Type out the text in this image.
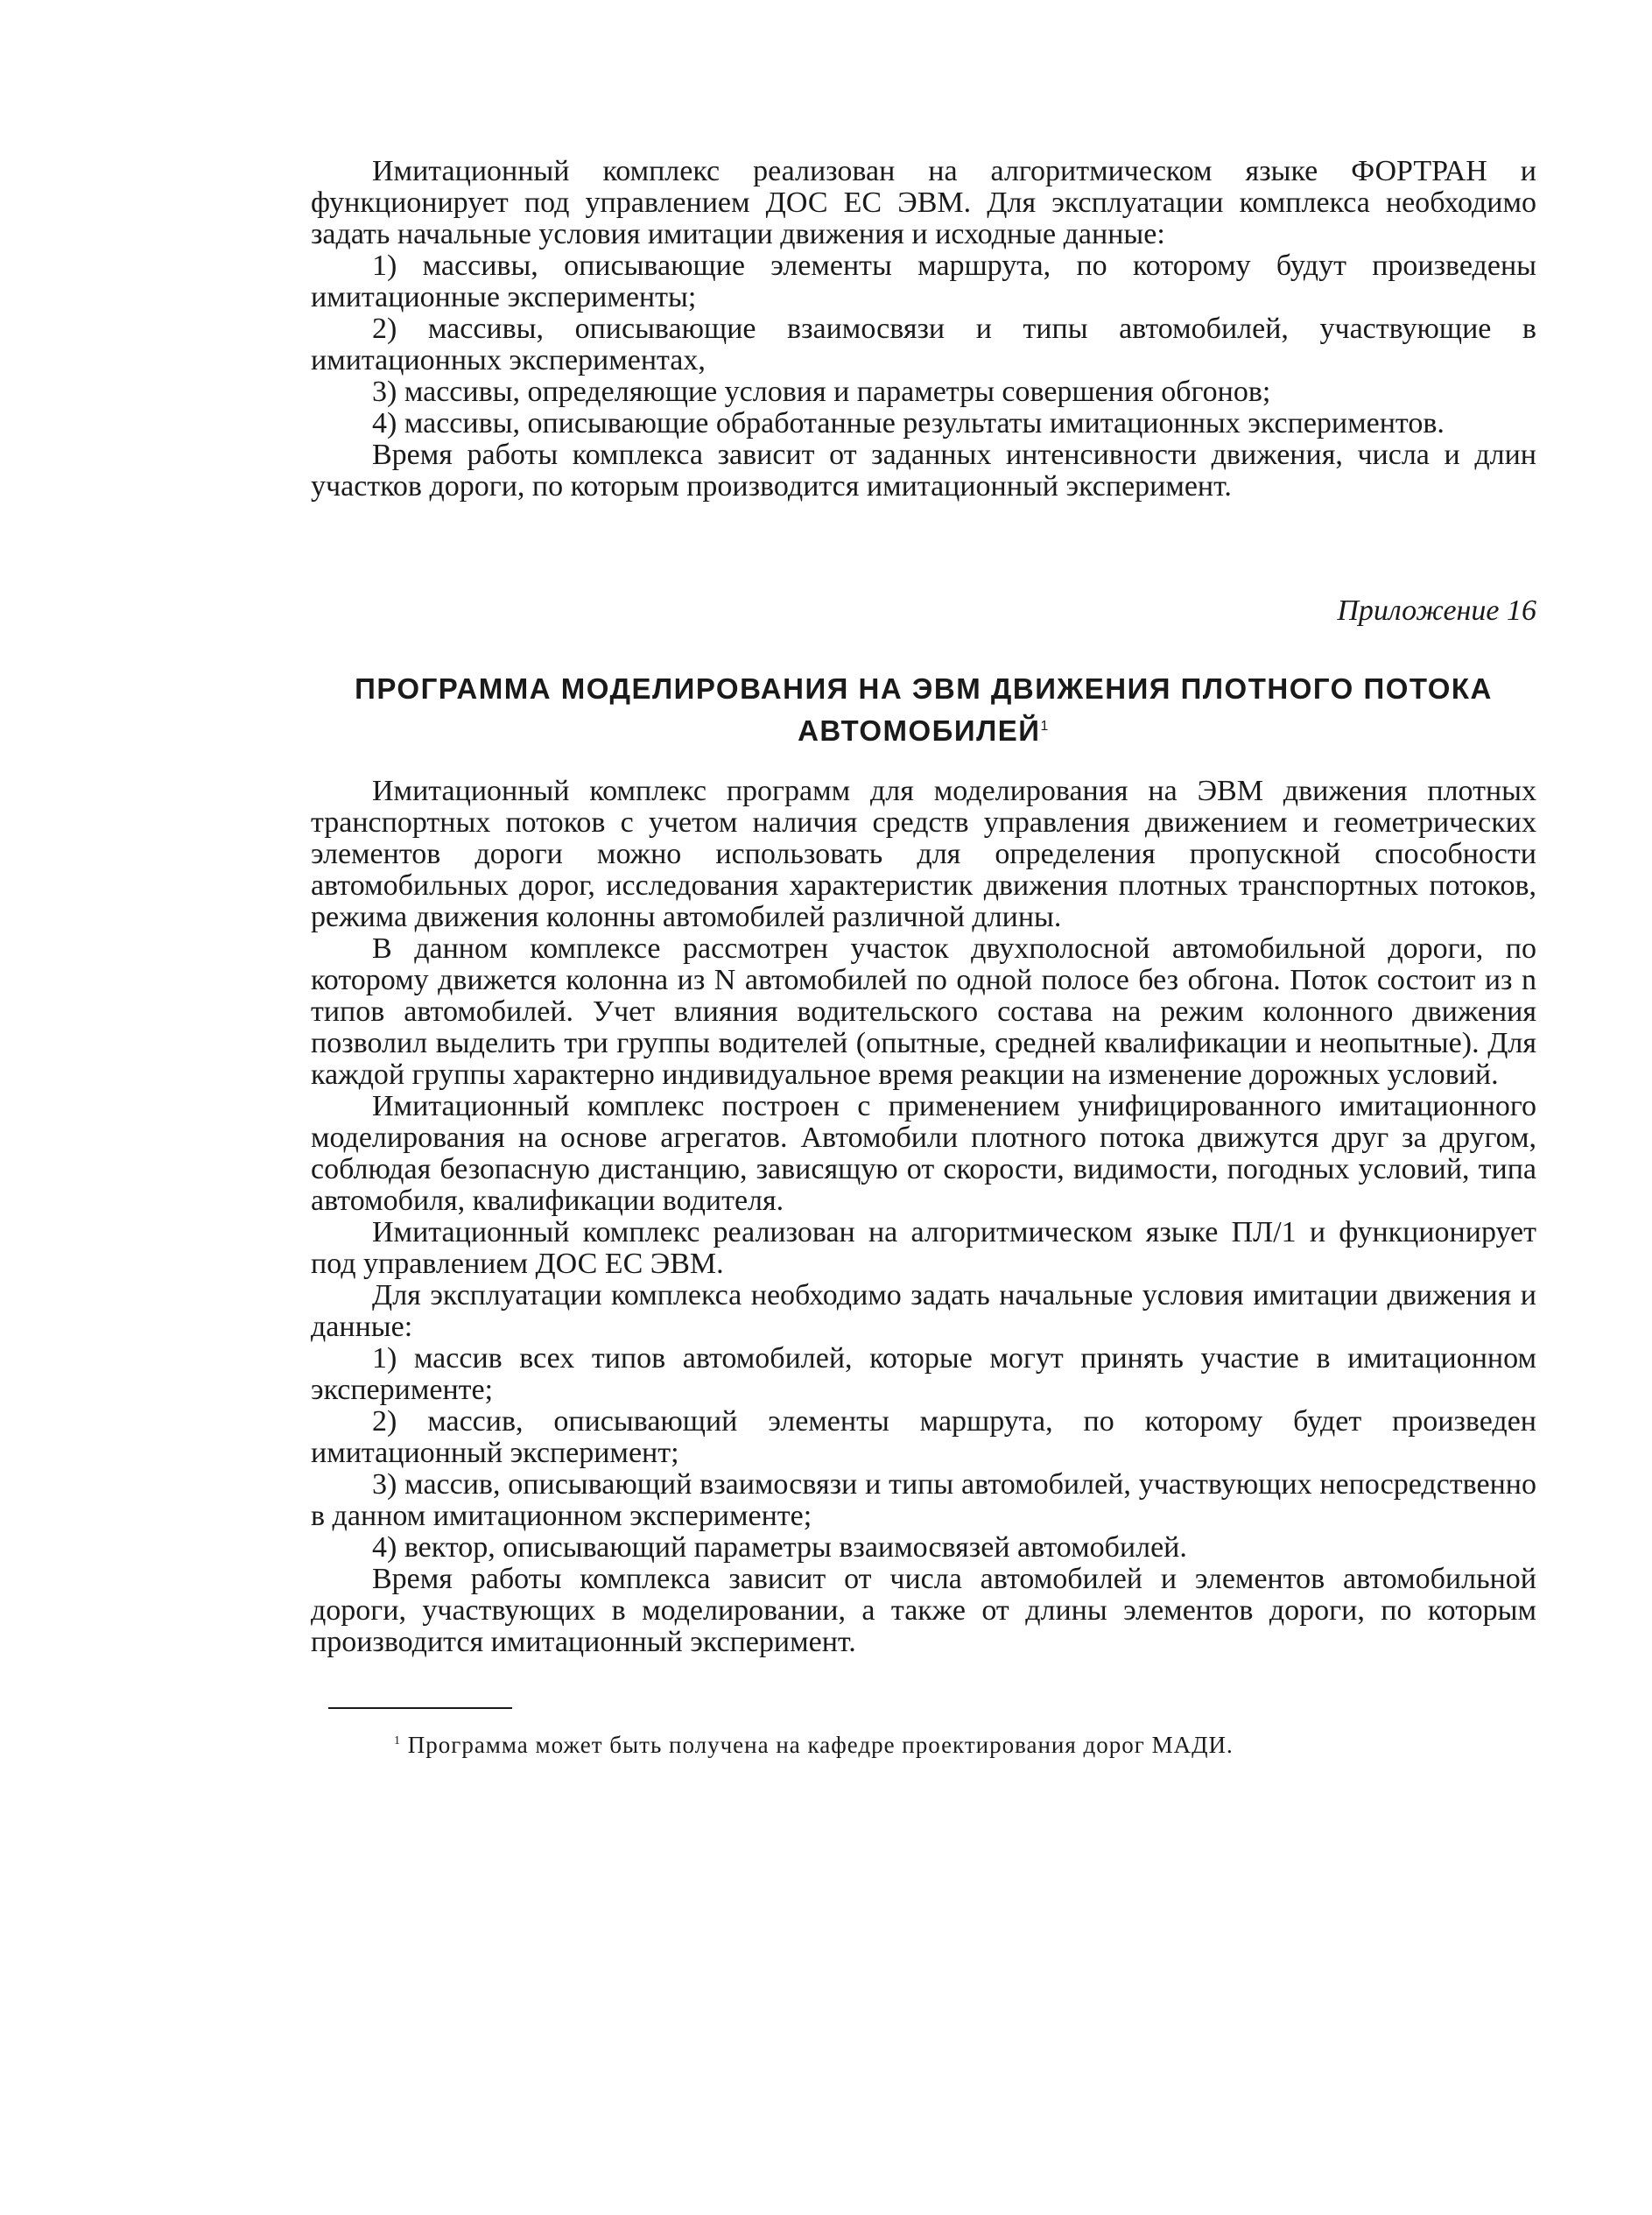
Имитационный комплекс реализован на алгоритмическом языке ФОРТРАН и функционирует под управлением ДОС ЕС ЭВМ. Для эксплуатации комплекса необходимо задать начальные условия имитации движения и исходные данные:

1) массивы, описывающие элементы маршрута, по которому будут произведены имитационные эксперименты;

2) массивы, описывающие взаимосвязи и типы автомобилей, участвующие в имитационных экспериментах,

3) массивы, определяющие условия и параметры совершения обгонов;

4) массивы, описывающие обработанные результаты имитационных экспериментов.

Время работы комплекса зависит от заданных интенсивности движения, числа и длин участков дороги, по которым производится имитационный эксперимент.

Приложение 16

ПРОГРАММА МОДЕЛИРОВАНИЯ НА ЭВМ ДВИЖЕНИЯ ПЛОТНОГО ПОТОКА АВТОМОБИЛЕЙ$^1$

Имитационный комплекс программ для моделирования на ЭВМ движения плотных транспортных потоков с учетом наличия средств управления движением и геометрических элементов дороги можно использовать для определения пропускной способности автомобильных дорог, исследования характеристик движения плотных транспортных потоков, режима движения колонны автомобилей различной длины.

В данном комплексе рассмотрен участок двухполосной автомобильной дороги, по которому движется колонна из N автомобилей по одной полосе без обгона. Поток состоит из n типов автомобилей. Учет влияния водительского состава на режим колонного движения позволил выделить три группы водителей (опытные, средней квалификации и неопытные). Для каждой группы характерно индивидуальное время реакции на изменение дорожных условий.

Имитационный комплекс построен с применением унифицированного имитационного моделирования на основе агрегатов. Автомобили плотного потока движутся друг за другом, соблюдая безопасную дистанцию, зависящую от скорости, видимости, погодных условий, типа автомобиля, квалификации водителя.

Имитационный комплекс реализован на алгоритмическом языке ПЛ/1 и функционирует под управлением ДОС ЕС ЭВМ.

Для эксплуатации комплекса необходимо задать начальные условия имитации движения и данные:

1) массив всех типов автомобилей, которые могут принять участие в имитационном эксперименте;

2) массив, описывающий элементы маршрута, по которому будет произведен имитационный эксперимент;

3) массив, описывающий взаимосвязи и типы автомобилей, участвующих непосредственно в данном имитационном эксперименте;

4) вектор, описывающий параметры взаимосвязей автомобилей.

Время работы комплекса зависит от числа автомобилей и элементов автомобильной дороги, участвующих в моделировании, а также от длины элементов дороги, по которым производится имитационный эксперимент.

$^1$ Программа может быть получена на кафедре проектирования дорог МАДИ.
